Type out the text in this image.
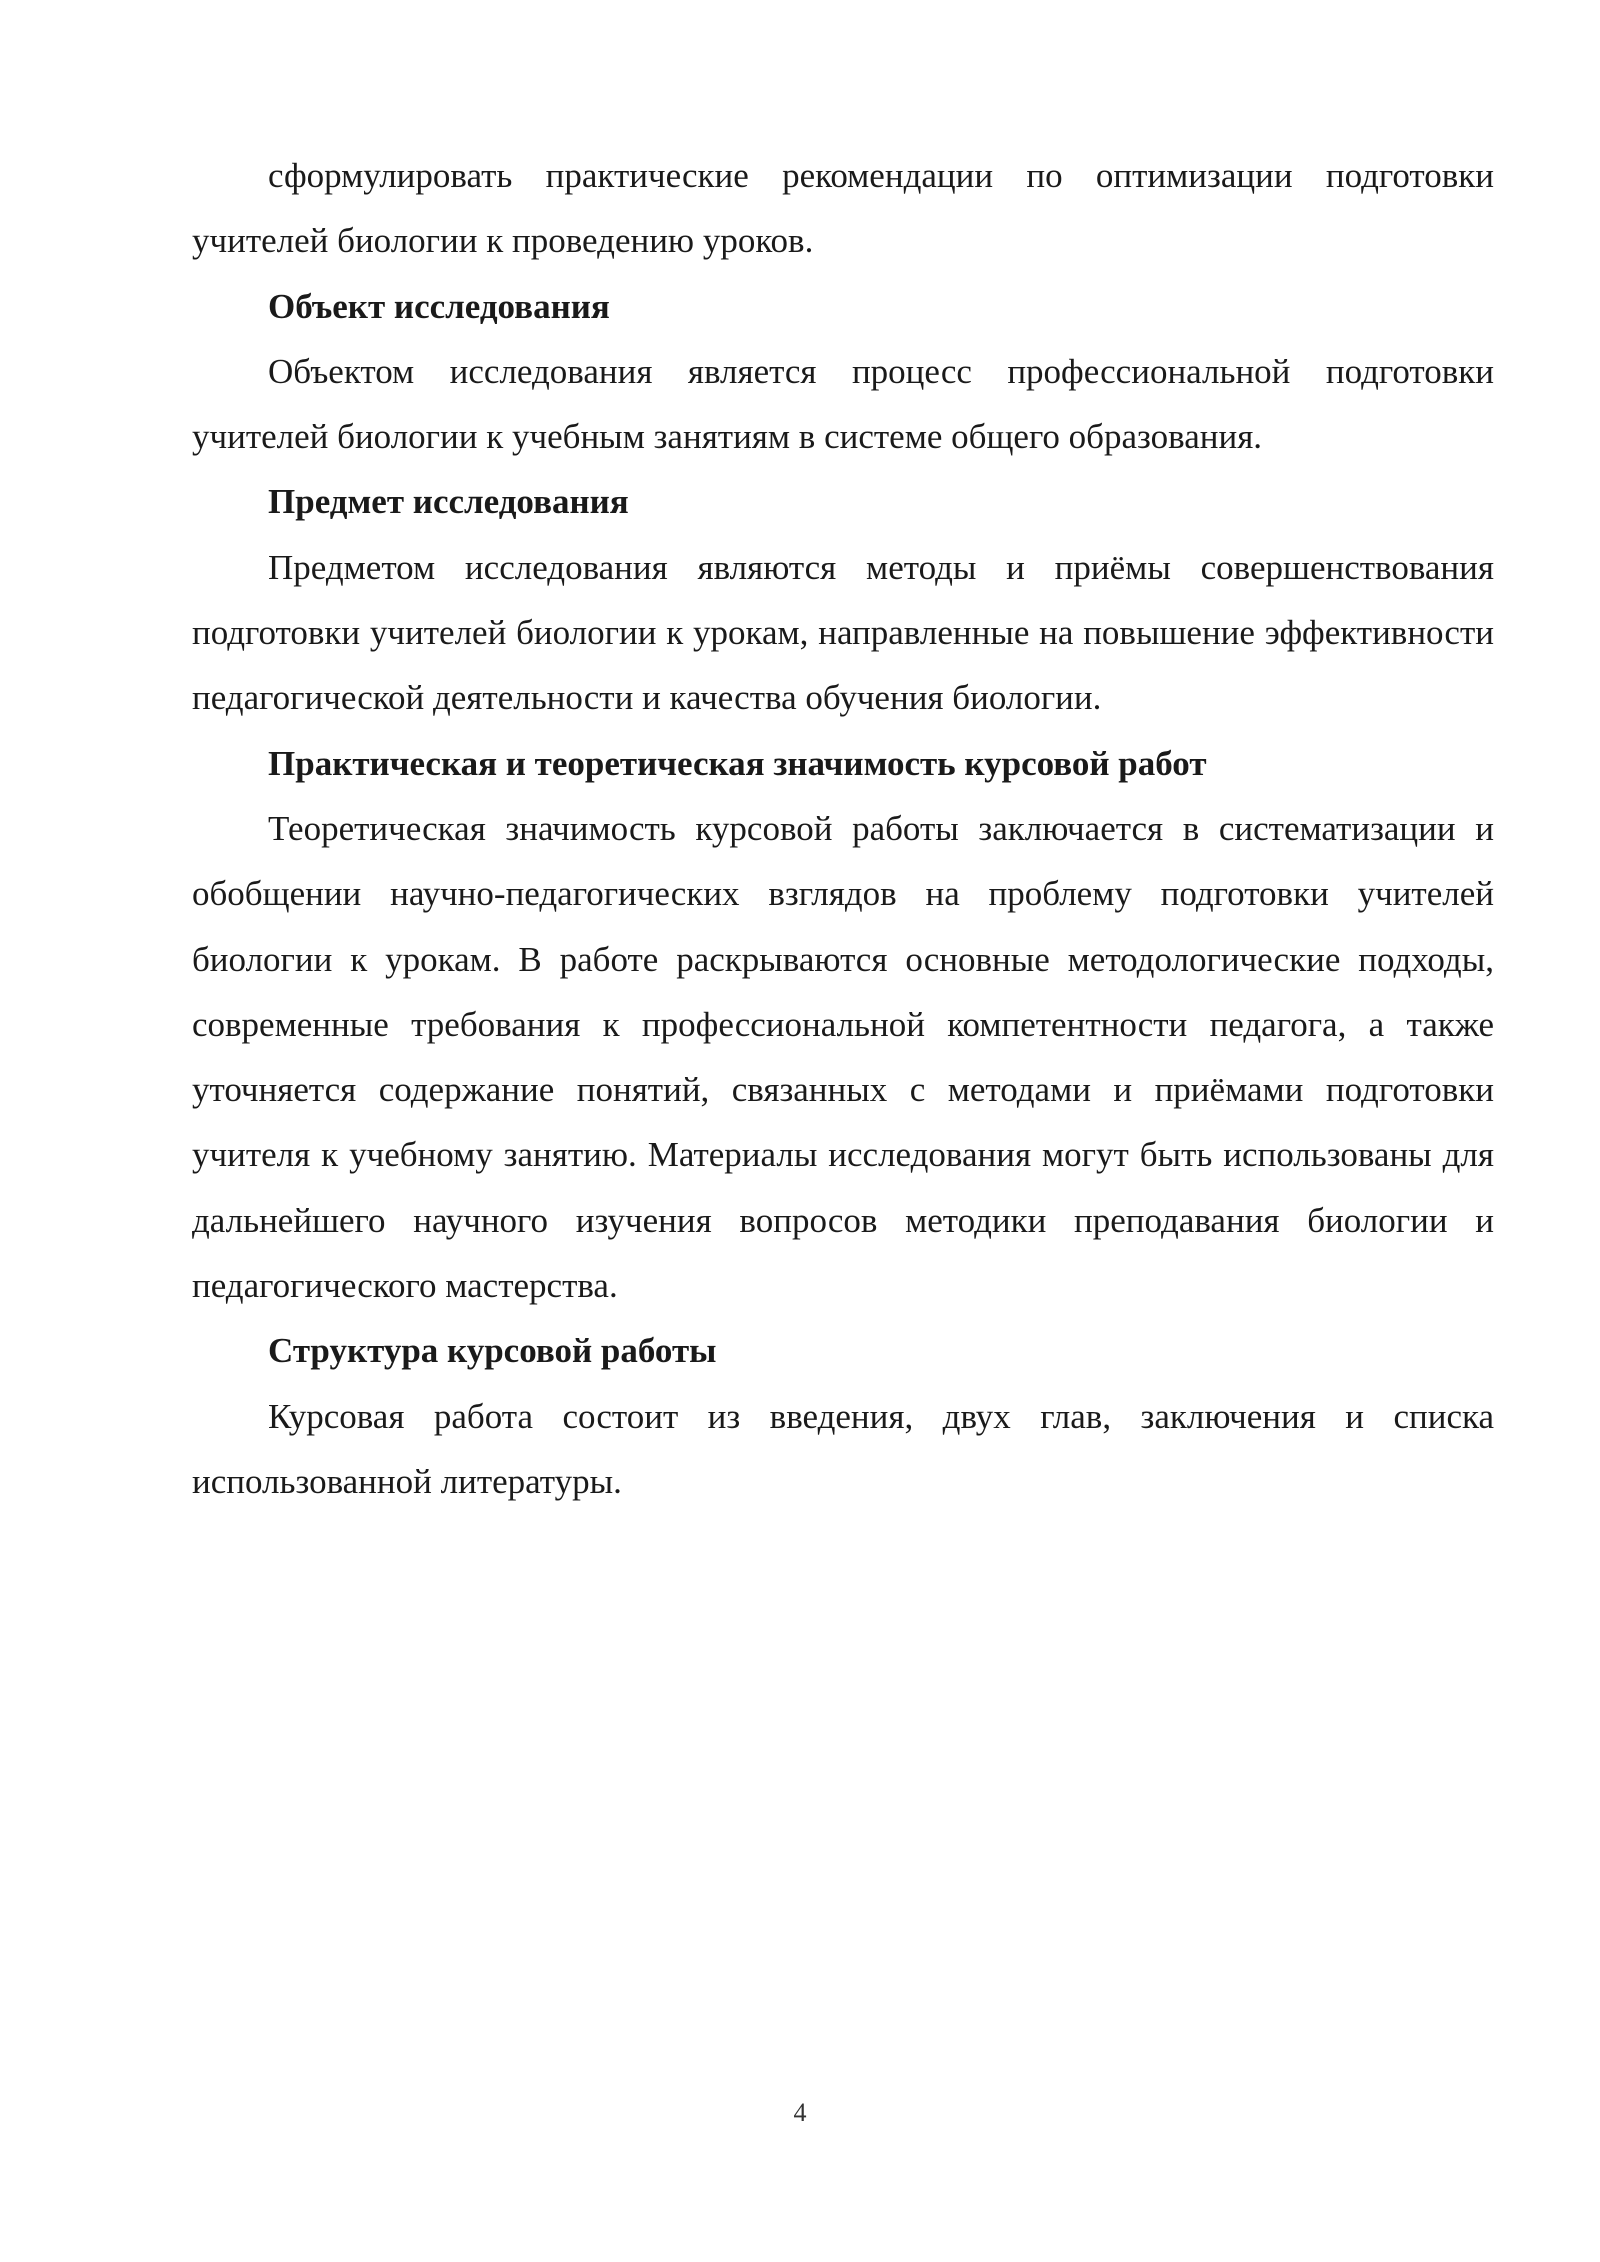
сформулировать практические рекомендации по оптимизации подготовки учителей биологии к проведению уроков.

Объект исследования

Объектом исследования является процесс профессиональной подготовки учителей биологии к учебным занятиям в системе общего образования.

Предмет исследования

Предметом исследования являются методы и приёмы совершенствования подготовки учителей биологии к урокам, направленные на повышение эффективности педагогической деятельности и качества обучения биологии.

Практическая и теоретическая значимость курсовой работ

Теоретическая значимость курсовой работы заключается в систематизации и обобщении научно-педагогических взглядов на проблему подготовки учителей биологии к урокам. В работе раскрываются основные методологические подходы, современные требования к профессиональной компетентности педагога, а также уточняется содержание понятий, связанных с методами и приёмами подготовки учителя к учебному занятию. Материалы исследования могут быть использованы для дальнейшего научного изучения вопросов методики преподавания биологии и педагогического мастерства.

Структура курсовой работы

Курсовая работа состоит из введения, двух глав, заключения и списка использованной литературы.

4
